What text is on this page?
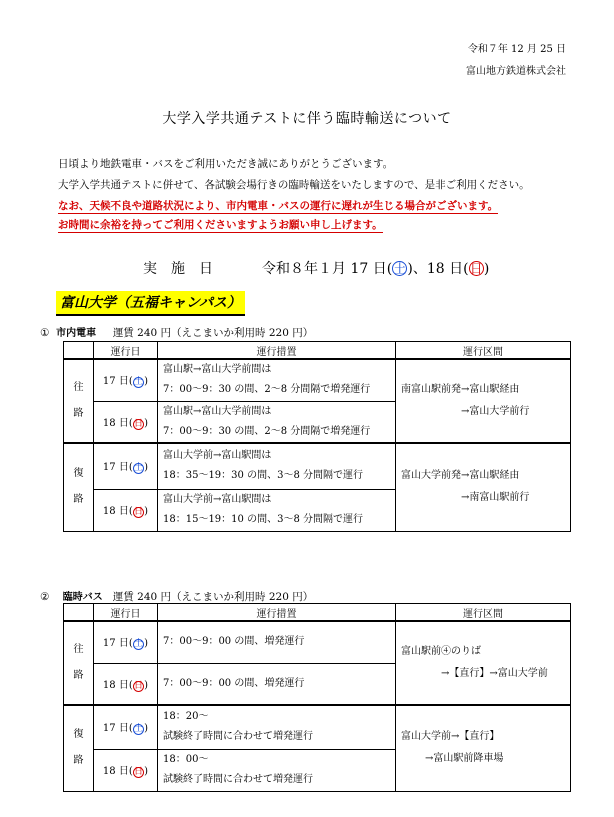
令和７年 12 月 25 日
富山地方鉄道株式会社
大学入学共通テストに伴う臨時輸送について
日頃より地鉄電車・バスをご利用いただき誠にありがとうございます。
大学入学共通テストに併せて、各試験会場行きの臨時輸送をいたしますので、是非ご利用ください。
なお、天候不良や道路状況により、市内電車・バスの運行に遅れが生じる場合がございます。
お時間に余裕を持ってご利用くださいますようお願い申し上げます。
実　施　日	令和８年１月 17 日(土)、18 日(日)
富山大学（五福キャンパス）
① 市内電車 運賃 240 円（えこまいか利用時 220 円）
	運行日	運行措置	運行区間
往
路	17 日(土)	富山駅→富山大学前間は
7：00～9：30 の間、2～8 分間隔で増発運行	南富山駅前発→富山駅経由
→富山大学前行
	18 日(日)	富山駅→富山大学前間は
7：00～9：30 の間、2～8 分間隔で増発運行	
復
路	17 日(土)	富山大学前→富山駅間は
18：35～19：30 の間、3～8 分間隔で運行	富山大学前発→富山駅経由
→南富山駅前行
	18 日(日)	富山大学前→富山駅間は
18：15～19：10 の間、3～8 分間隔で運行	
② 臨時バス 運賃 240 円（えこまいか利用時 220 円）
	運行日	運行措置	運行区間
往
路	17 日(土)	7：00～9：00 の間、増発運行	富山駅前④のりば
→【直行】→富山大学前
	18 日(日)	7：00～9：00 の間、増発運行	
復
路	17 日(土)	18：20～
試験終了時間に合わせて増発運行	富山大学前→【直行】
→富山駅前降車場
	18 日(日)	18：00～
試験終了時間に合わせて増発運行	
